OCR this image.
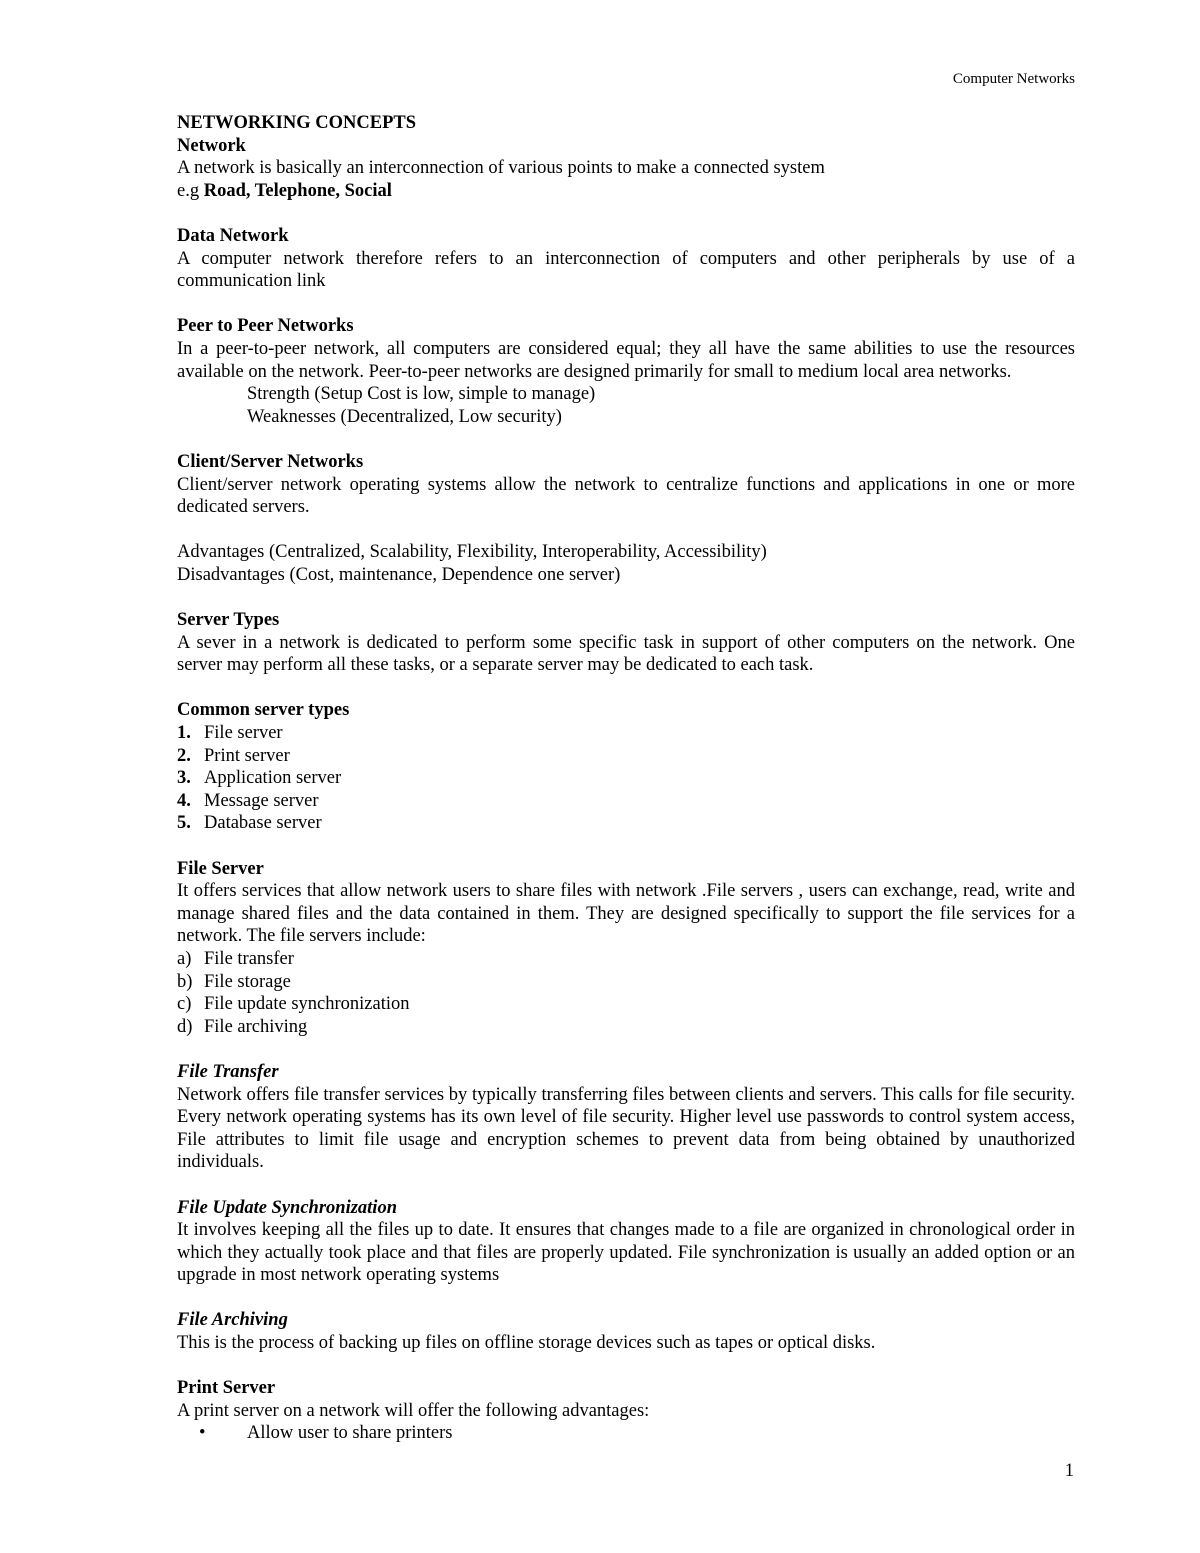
Computer Networks

NETWORKING CONCEPTS

Network

A network is basically an interconnection of various points to make a connected system

e.g Road, Telephone, Social

Data Network

A computer network therefore refers to an interconnection of computers and other peripherals by use of a communication link

Peer to Peer Networks

In a peer-to-peer network, all computers are considered equal; they all have the same abilities to use the resources available on the network. Peer-to-peer networks are designed primarily for small to medium local area networks.

Strength (Setup Cost is low, simple to manage)

Weaknesses (Decentralized, Low security)

Client/Server Networks

Client/server network operating systems allow the network to centralize functions and applications in one or more dedicated servers.

Advantages (Centralized, Scalability, Flexibility, Interoperability, Accessibility)

Disadvantages (Cost, maintenance, Dependence one server)

Server Types

A sever in a network is dedicated to perform some specific task in support of other computers on the network. One server may perform all these tasks, or a separate server may be dedicated to each task.

Common server types

1. File server
2. Print server
3. Application server
4. Message server
5. Database server

File Server

It offers services that allow network users to share files with network .File servers , users can exchange, read, write and manage shared files and the data contained in them. They are designed specifically to support the file services for a network. The file servers include:

a) File transfer
b) File storage
c) File update synchronization
d) File archiving

File Transfer

Network offers file transfer services by typically transferring files between clients and servers. This calls for file security. Every network operating systems has its own level of file security. Higher level use passwords to control system access, File attributes to limit file usage and encryption schemes to prevent data from being obtained by unauthorized individuals.

File Update Synchronization

It involves keeping all the files up to date. It ensures that changes made to a file are organized in chronological order in which they actually took place and that files are properly updated. File synchronization is usually an added option or an upgrade in most network operating systems

File Archiving

This is the process of backing up files on offline storage devices such as tapes or optical disks.

Print Server

A print server on a network will offer the following advantages:

•	Allow user to share printers
1
